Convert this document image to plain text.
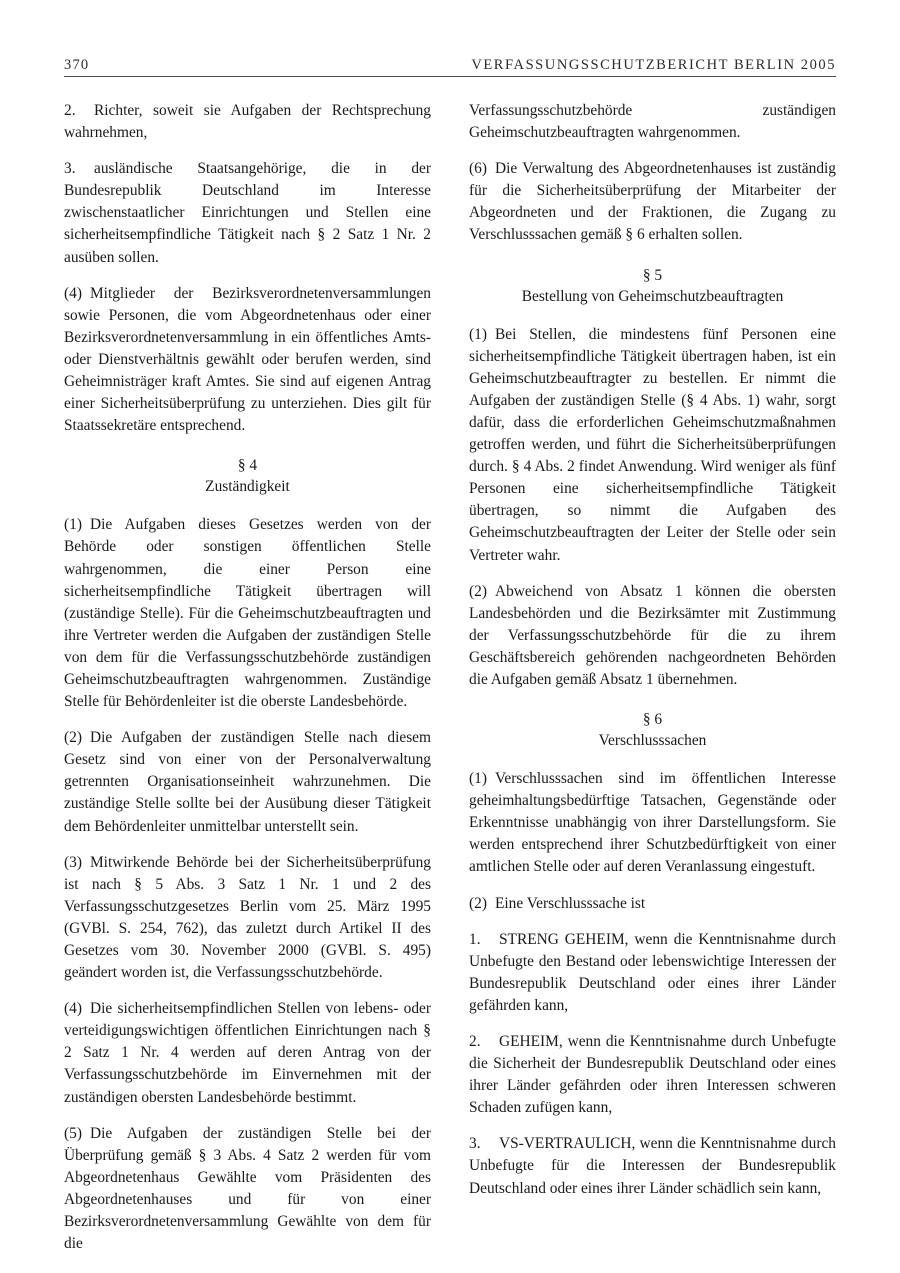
370	VERFASSUNGSSCHUTZBERICHT BERLIN 2005

2. Richter, soweit sie Aufgaben der Rechtsprechung wahrnehmen,

3. ausländische Staatsangehörige, die in der Bundesrepublik Deutschland im Interesse zwischenstaatlicher Einrichtungen und Stellen eine sicherheitsempfindliche Tätigkeit nach § 2 Satz 1 Nr. 2 ausüben sollen.

(4)Mitglieder der Bezirksverordnetenversammlungen sowie Personen, die vom Abgeordnetenhaus oder einer Bezirksverordnetenversammlung in ein öffentliches Amts- oder Dienstverhältnis gewählt oder berufen werden, sind Geheimnisträger kraft Amtes. Sie sind auf eigenen Antrag einer Sicherheitsüberprüfung zu unterziehen. Dies gilt für Staatssekretäre entsprechend.

§ 4
Zuständigkeit

(1)Die Aufgaben dieses Gesetzes werden von der Behörde oder sonstigen öffentlichen Stelle wahrgenommen, die einer Person eine sicherheitsempfindliche Tätigkeit übertragen will (zuständige Stelle). Für die Geheimschutzbeauftragten und ihre Vertreter werden die Aufgaben der zuständigen Stelle von dem für die Verfassungsschutzbehörde zuständigen Geheimschutzbeauftragten wahrgenommen. Zuständige Stelle für Behördenleiter ist die oberste Landesbehörde.

(2)Die Aufgaben der zuständigen Stelle nach diesem Gesetz sind von einer von der Personalverwaltung getrennten Organisationseinheit wahrzunehmen. Die zuständige Stelle sollte bei der Ausübung dieser Tätigkeit dem Behördenleiter unmittelbar unterstellt sein.

(3)Mitwirkende Behörde bei der Sicherheitsüberprüfung ist nach § 5 Abs. 3 Satz 1 Nr. 1 und 2 des Verfassungsschutzgesetzes Berlin vom 25. März 1995 (GVBl. S. 254, 762), das zuletzt durch Artikel II des Gesetzes vom 30. November 2000 (GVBl. S. 495) geändert worden ist, die Verfassungsschutzbehörde.

(4)Die sicherheitsempfindlichen Stellen von lebens- oder verteidigungswichtigen öffentlichen Einrichtungen nach § 2 Satz 1 Nr. 4 werden auf deren Antrag von der Verfassungsschutzbehörde im Einvernehmen mit der zuständigen obersten Landesbehörde bestimmt.

(5)Die Aufgaben der zuständigen Stelle bei der Überprüfung gemäß § 3 Abs. 4 Satz 2 werden für vom Abgeordnetenhaus Gewählte vom Präsidenten des Abgeordnetenhauses und für von einer Bezirksverordnetenversammlung Gewählte von dem für die

Verfassungsschutzbehörde zuständigen Geheimschutzbeauftragten wahrgenommen.

(6)Die Verwaltung des Abgeordnetenhauses ist zuständig für die Sicherheitsüberprüfung der Mitarbeiter der Abgeordneten und der Fraktionen, die Zugang zu Verschlusssachen gemäß § 6 erhalten sollen.

§ 5
Bestellung von Geheimschutzbeauftragten

(1)Bei Stellen, die mindestens fünf Personen eine sicherheitsempfindliche Tätigkeit übertragen haben, ist ein Geheimschutzbeauftragter zu bestellen. Er nimmt die Aufgaben der zuständigen Stelle (§ 4 Abs. 1) wahr, sorgt dafür, dass die erforderlichen Geheimschutzmaßnahmen getroffen werden, und führt die Sicherheitsüberprüfungen durch. § 4 Abs. 2 findet Anwendung. Wird weniger als fünf Personen eine sicherheitsempfindliche Tätigkeit übertragen, so nimmt die Aufgaben des Geheimschutzbeauftragten der Leiter der Stelle oder sein Vertreter wahr.

(2)Abweichend von Absatz 1 können die obersten Landesbehörden und die Bezirksämter mit Zustimmung der Verfassungsschutzbehörde für die zu ihrem Geschäftsbereich gehörenden nachgeordneten Behörden die Aufgaben gemäß Absatz 1 übernehmen.

§ 6
Verschlusssachen

(1)Verschlusssachen sind im öffentlichen Interesse geheimhaltungsbedürftige Tatsachen, Gegenstände oder Erkenntnisse unabhängig von ihrer Darstellungsform. Sie werden entsprechend ihrer Schutzbedürftigkeit von einer amtlichen Stelle oder auf deren Veranlassung eingestuft.

(2)Eine Verschlusssache ist

1. STRENG GEHEIM, wenn die Kenntnisnahme durch Unbefugte den Bestand oder lebenswichtige Interessen der Bundesrepublik Deutschland oder eines ihrer Länder gefährden kann,

2. GEHEIM, wenn die Kenntnisnahme durch Unbefugte die Sicherheit der Bundesrepublik Deutschland oder eines ihrer Länder gefährden oder ihren Interessen schweren Schaden zufügen kann,

3. VS-VERTRAULICH, wenn die Kenntnisnahme durch Unbefugte für die Interessen der Bundesrepublik Deutschland oder eines ihrer Länder schädlich sein kann,
